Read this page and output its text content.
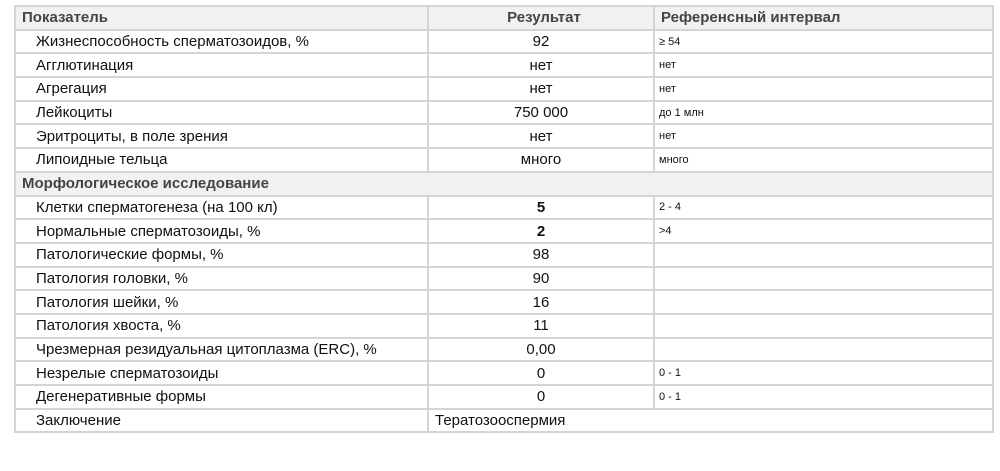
Показатель	Результат	Референсный интервал
Жизнеспособность сперматозоидов, %	92	≥ 54
Агглютинация	нет	нет
Агрегация	нет	нет
Лейкоциты	750 000	до 1 млн
Эритроциты, в поле зрения	нет	нет
Липоидные тельца	много	много
Морфологическое исследование		
Клетки сперматогенеза (на 100 кл)	5	2 - 4
Нормальные сперматозоиды, %	2	>4
Патологические формы, %	98	
Патология головки, %	90	
Патология шейки, %	16	
Патология хвоста, %	11	
Чрезмерная резидуальная цитоплазма (ERC), %	0,00	
Незрелые сперматозоиды	0	0 - 1
Дегенеративные формы	0	0 - 1
Заключение	Тератозооспермия	
